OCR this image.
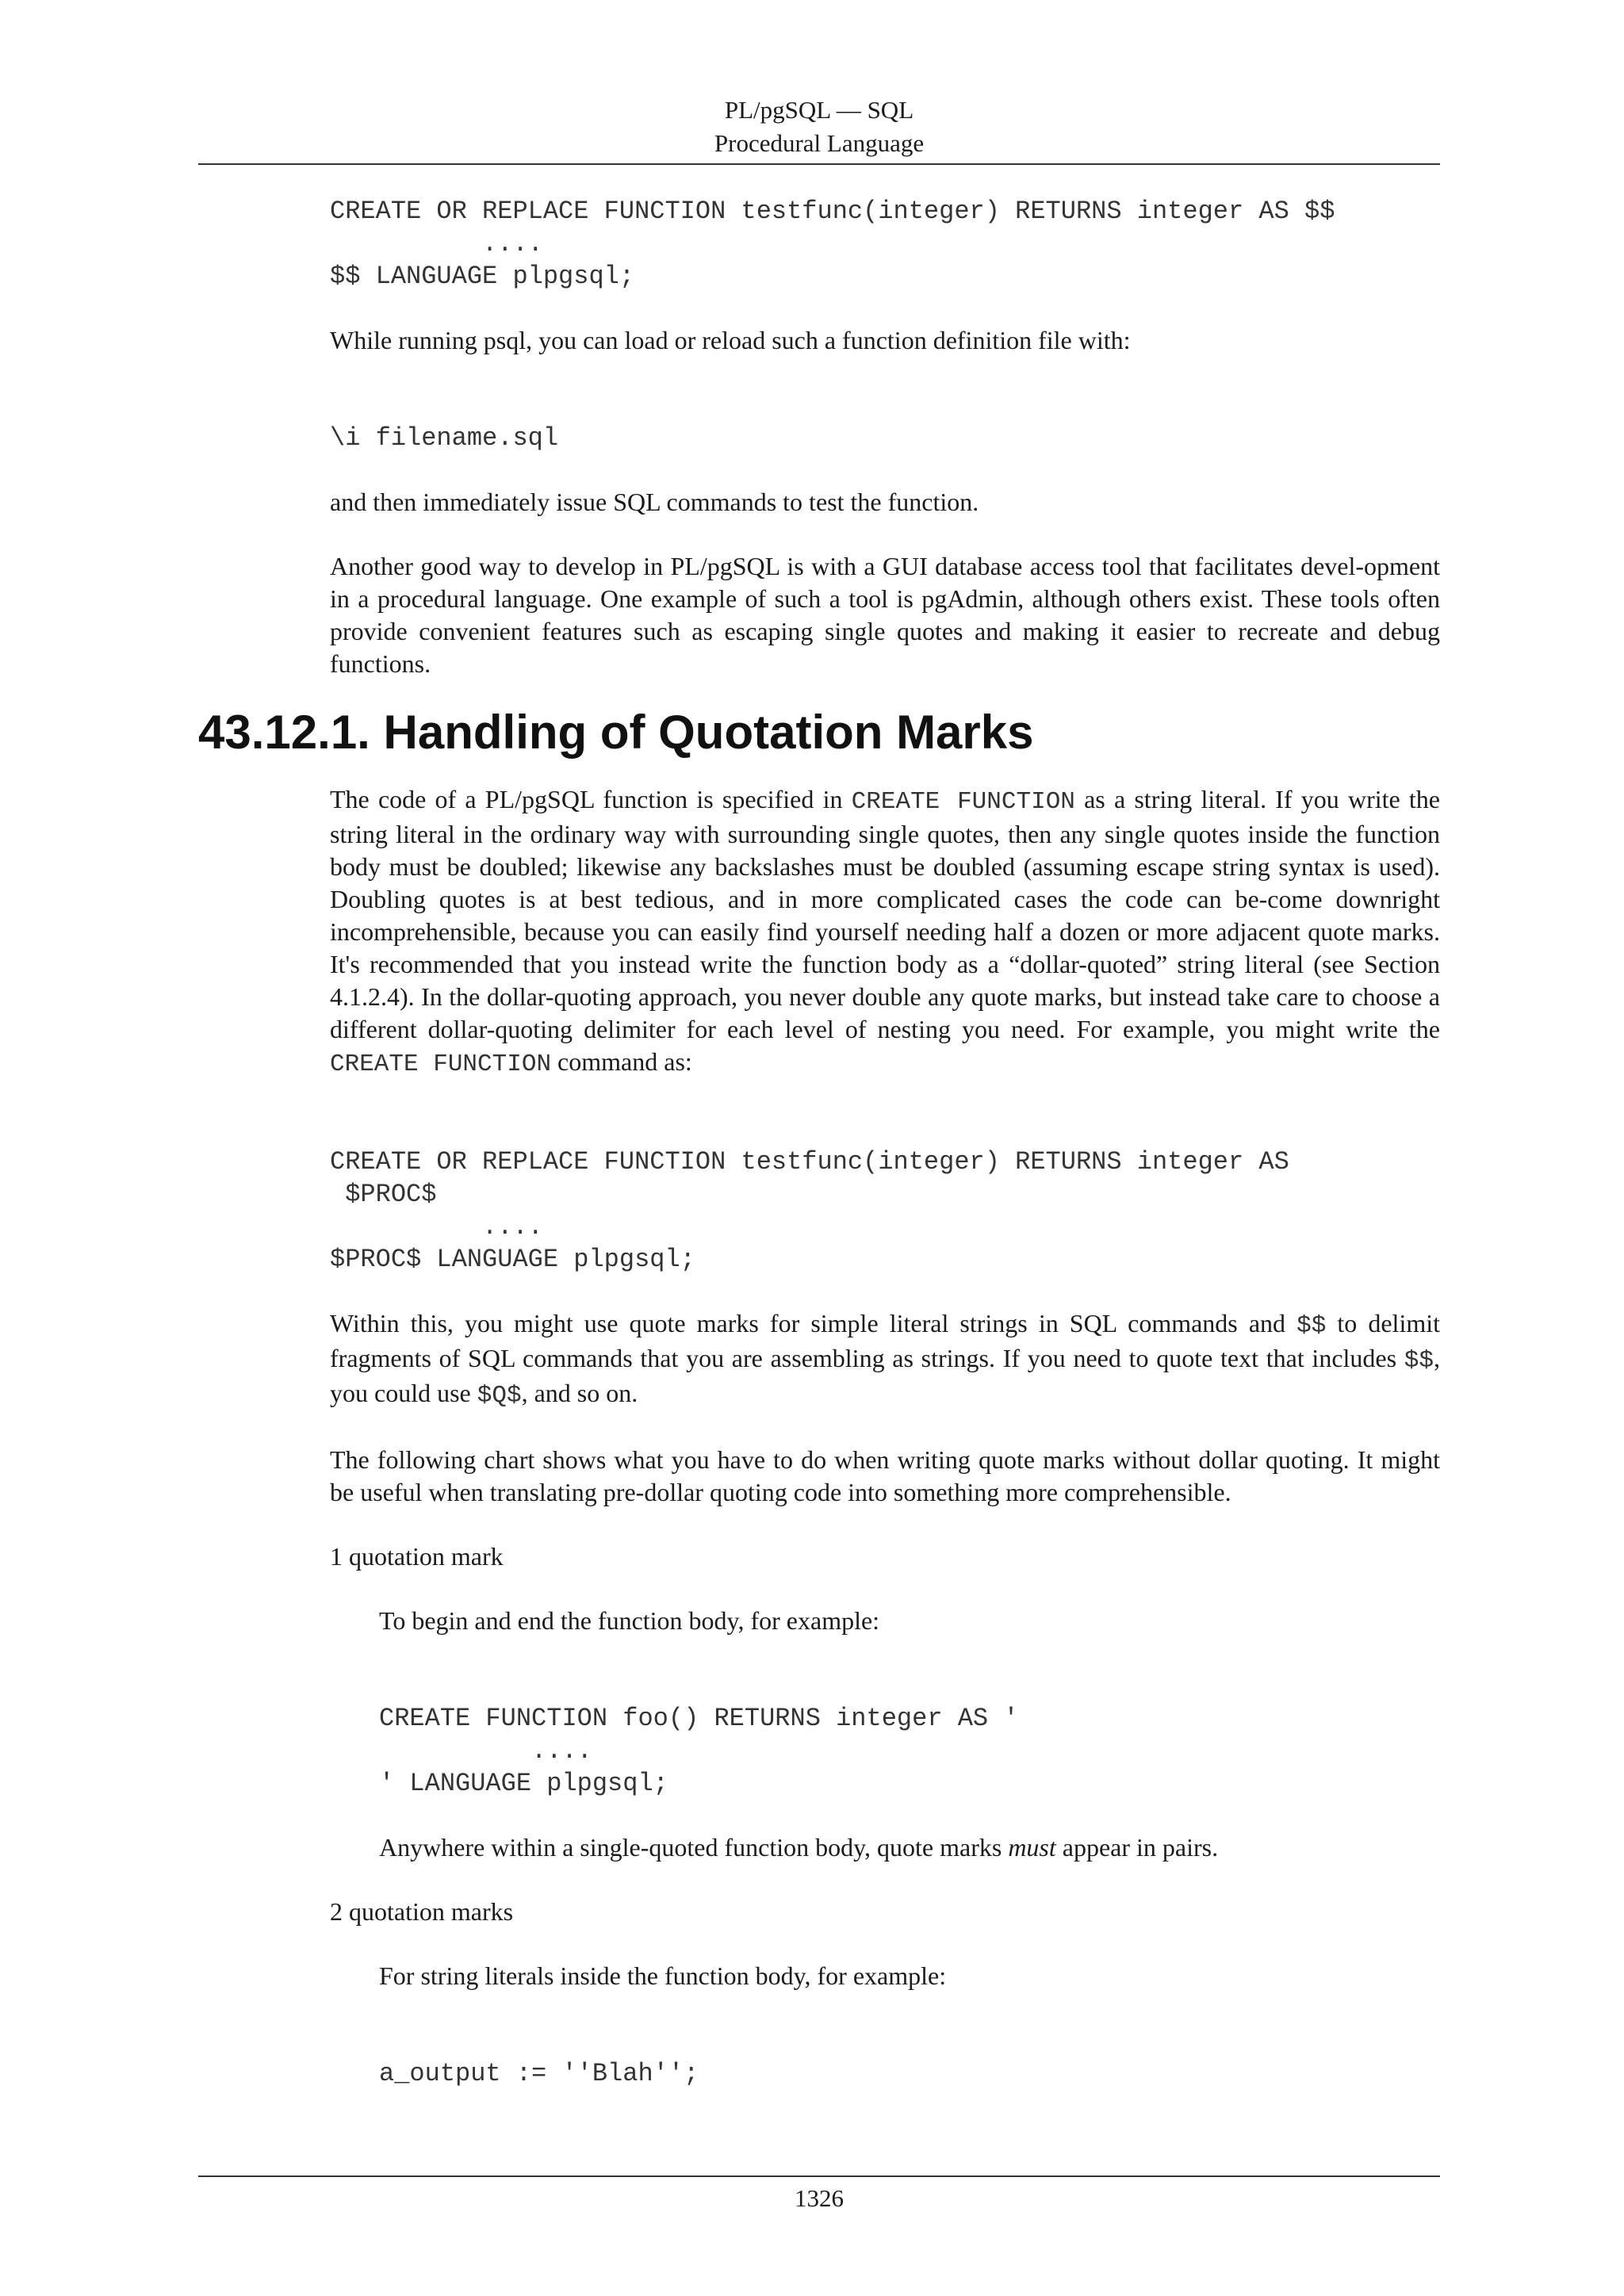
PL/pgSQL — SQL
Procedural Language
CREATE OR REPLACE FUNCTION testfunc(integer) RETURNS integer AS $$
....
$$ LANGUAGE plpgsql;

While running psql, you can load or reload such a function definition file with:

\i filename.sql

and then immediately issue SQL commands to test the function.

Another good way to develop in PL/pgSQL is with a GUI database access tool that facilitates devel-opment in a procedural language. One example of such a tool is pgAdmin, although others exist. These tools often provide convenient features such as escaping single quotes and making it easier to recreate and debug functions.

43.12.1. Handling of Quotation Marks

The code of a PL/pgSQL function is specified in CREATE FUNCTION as a string literal. If you write the string literal in the ordinary way with surrounding single quotes, then any single quotes inside the function body must be doubled; likewise any backslashes must be doubled (assuming escape string syntax is used). Doubling quotes is at best tedious, and in more complicated cases the code can be-come downright incomprehensible, because you can easily find yourself needing half a dozen or more adjacent quote marks. It's recommended that you instead write the function body as a “dollar-quoted” string literal (see Section 4.1.2.4). In the dollar-quoting approach, you never double any quote marks, but instead take care to choose a different dollar-quoting delimiter for each level of nesting you need. For example, you might write the CREATE FUNCTION command as:

CREATE OR REPLACE FUNCTION testfunc(integer) RETURNS integer AS
$PROC$
....
$PROC$ LANGUAGE plpgsql;

Within this, you might use quote marks for simple literal strings in SQL commands and $$ to delimit fragments of SQL commands that you are assembling as strings. If you need to quote text that includes $$, you could use $Q$, and so on.

The following chart shows what you have to do when writing quote marks without dollar quoting. It might be useful when translating pre-dollar quoting code into something more comprehensible.

1 quotation mark

To begin and end the function body, for example:

CREATE FUNCTION foo() RETURNS integer AS '
....
' LANGUAGE plpgsql;

Anywhere within a single-quoted function body, quote marks must appear in pairs.

2 quotation marks

For string literals inside the function body, for example:

a_output := ''Blah'';
1326
